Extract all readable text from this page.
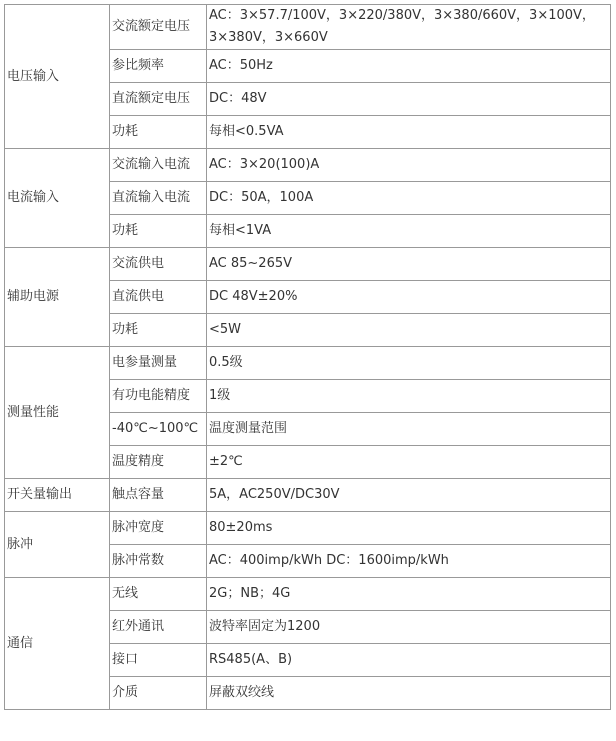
电压输入	交流额定电压	AC：3×57.7/100V，3×220/380V，3×380/660V，3×100V，3×380V，3×660V
	参比频率	AC：50Hz
	直流额定电压	DC：48V
	功耗	每相<0.5VA
电流输入	交流输入电流	AC：3×20(100)A
	直流输入电流	DC：50A，100A
	功耗	每相<1VA
辅助电源	交流供电	AC 85~265V
	直流供电	DC 48V±20%
	功耗	<5W
测量性能	电参量测量	0.5级
	有功电能精度	1级
	-40℃~100℃	温度测量范围
	温度精度	±2℃
开关量输出	触点容量	5A，AC250V/DC30V
脉冲	脉冲宽度	80±20ms
	脉冲常数	AC：400imp/kWh DC：1600imp/kWh
通信	无线	2G；NB；4G
	红外通讯	波特率固定为1200
	接口	RS485(A、B)
	介质	屏蔽双绞线
